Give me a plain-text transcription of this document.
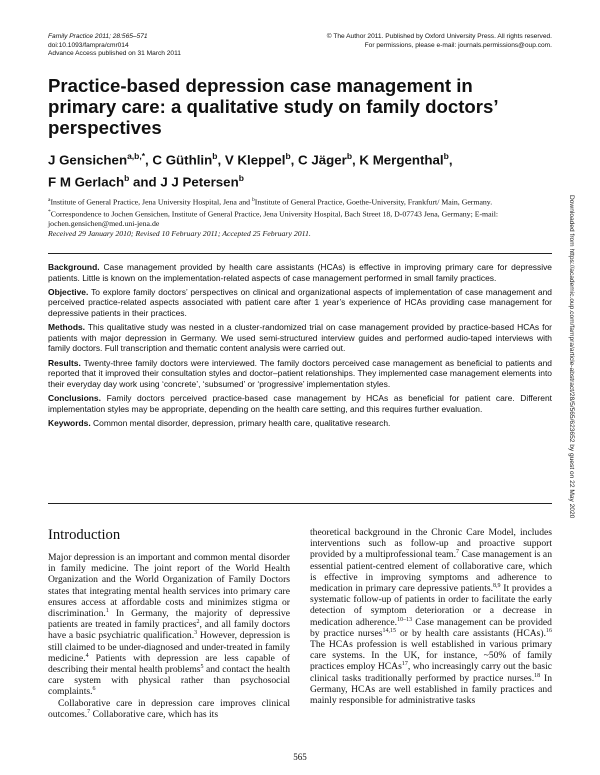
Family Practice 2011; 28:565–571
doi:10.1093/fampra/cmr014
Advance Access published on 31 March 2011
© The Author 2011. Published by Oxford University Press. All rights reserved.
For permissions, please e-mail: journals.permissions@oup.com.
Practice-based depression case management in primary care: a qualitative study on family doctors’ perspectives
J Gensichen$^{a,b,*}$, C Güthlin$^b$, V Kleppel$^b$, C Jäger$^b$, K Mergenthal$^b$,
F M Gerlach$^b$ and J J Petersen$^b$

$^a$Institute of General Practice, Jena University Hospital, Jena and $^b$Institute of General Practice, Goethe-University, Frankfurt/ Main, Germany.

*Correspondence to Jochen Gensichen, Institute of General Practice, Jena University Hospital, Bach Street 18, D-07743 Jena, Germany; E-mail: jochen.gensichen@med.uni-jena.de

Received 29 January 2010; Revised 10 February 2011; Accepted 25 February 2011.

Background. Case management provided by health care assistants (HCAs) is effective in improving primary care for depressive patients. Little is known on the implementation-related aspects of case management performed in small family practices.

Objective. To explore family doctors’ perspectives on clinical and organizational aspects of implementation of case management and perceived practice-related aspects associated with patient care after 1 year’s experience of HCAs providing case management for depressive patients in their practices.

Methods. This qualitative study was nested in a cluster-randomized trial on case management provided by practice-based HCAs for patients with major depression in Germany. We used semi-structured interview guides and performed audio-taped interviews with family doctors. Full transcription and thematic content analysis were carried out.

Results. Twenty-three family doctors were interviewed. The family doctors perceived case management as beneficial to patients and reported that it improved their consultation styles and doctor–patient relationships. They implemented case management elements into their everyday day work using ‘concrete’, ‘subsumed’ or ‘progressive’ implementation styles.

Conclusions. Family doctors perceived practice-based case management by HCAs as beneficial for patient care. Different implementation styles may be appropriate, depending on the health care setting, and this requires further evaluation.

Keywords. Common mental disorder, depression, primary health care, qualitative research.

Introduction

Major depression is an important and common mental disorder in family medicine. The joint report of the World Health Organization and the World Organization of Family Doctors states that integrating mental health services into primary care ensures access at affordable costs and minimizes stigma or discrimination.$^1$ In Germany, the majority of depressive patients are treated in family practices$^2$, and all family doctors have a basic psychiatric qualification.$^3$ However, depression is still claimed to be under-diagnosed and under-treated in family medicine.$^4$ Patients with depression are less capable of describing their mental health problems$^5$ and contact the health care system with physical rather than psychosocial complaints.$^6$

Collaborative care in depression care improves clinical outcomes.$^7$ Collaborative care, which has its

theoretical background in the Chronic Care Model, includes interventions such as follow-up and proactive support provided by a multiprofessional team.$^7$ Case management is an essential patient-centred element of collaborative care, which is effective in improving symptoms and adherence to medication in primary care depressive patients.$^{8,9}$ It provides a systematic follow-up of patients in order to facilitate the early detection of symptom deterioration or a decrease in medication adherence.$^{10-13}$ Case management can be provided by practice nurses$^{14,15}$ or by health care assistants (HCAs).$^{16}$ The HCAs profession is well established in various primary care systems. In the UK, for instance, ~50% of family practices employ HCAs$^{17}$, who increasingly carry out the basic clinical tasks traditionally performed by practice nurses.$^{18}$ In Germany, HCAs are well established in family practices and mainly responsible for administrative tasks

565
Downloaded from https://academic.oup.com/fampra/article-abstract/28/5/565/623652 by guest on 22 May 2020
